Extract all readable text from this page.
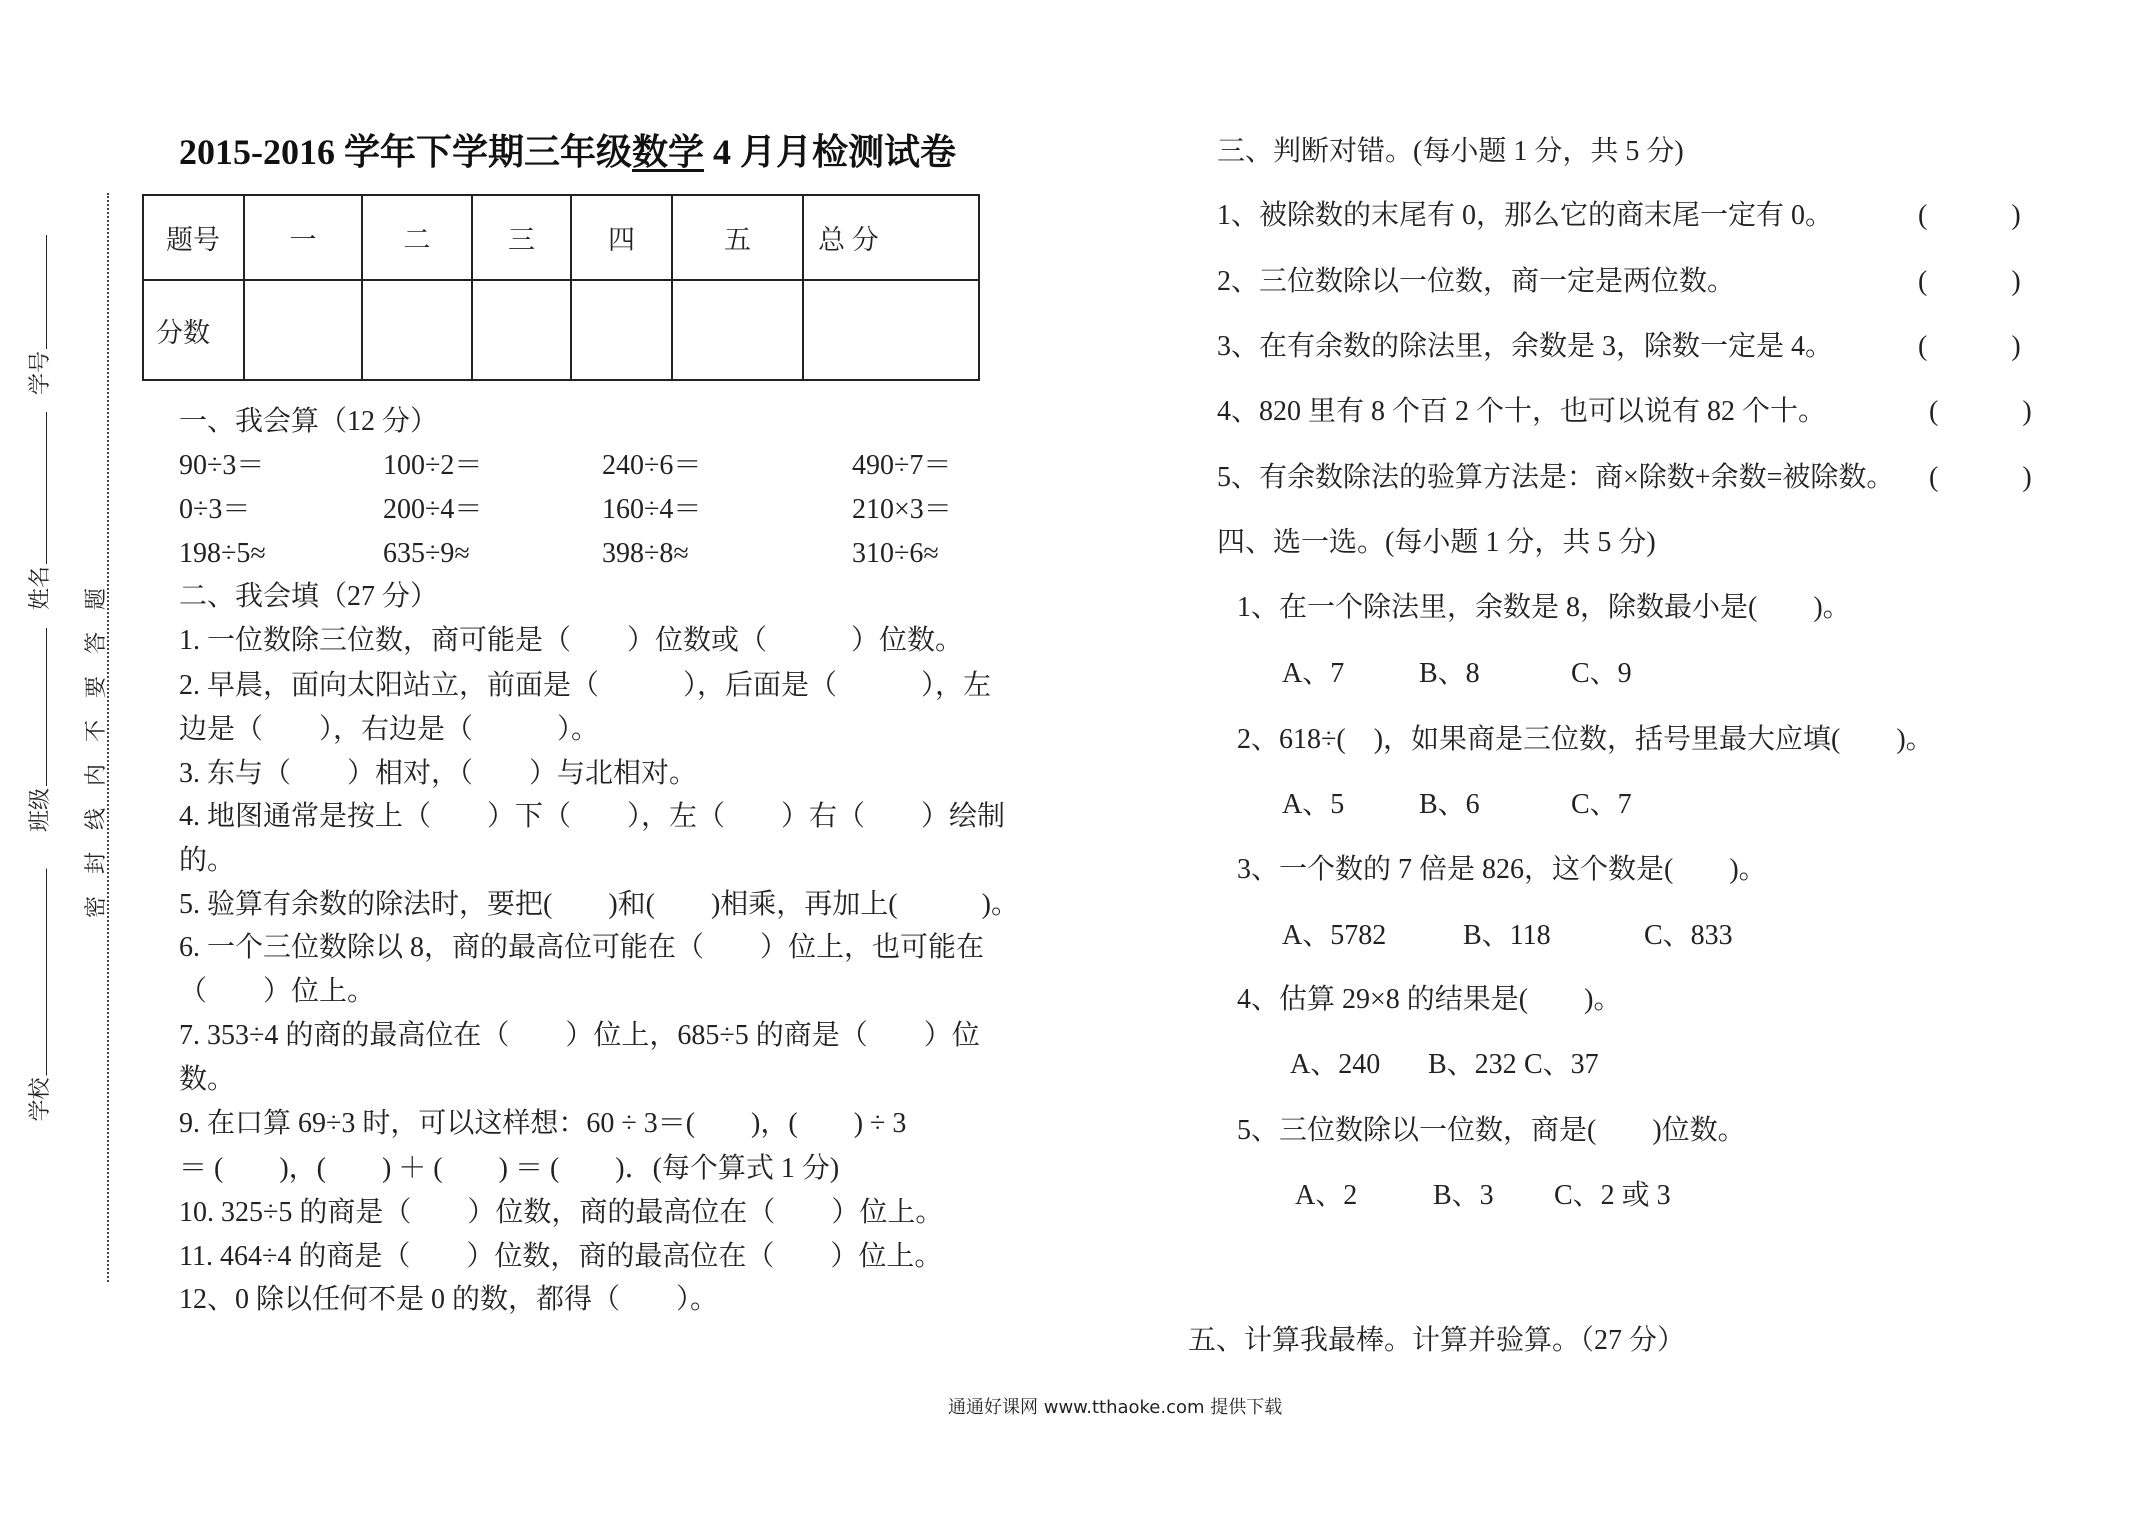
学号
姓名
班级
学校
密封线内不要答题
2015-2016 学年下学期三年级数学 4 月月检测试卷
题号	一	二	三	四	五	总 分
分数						
一、我会算（12 分）
90÷3＝	100÷2＝	240÷6＝	490÷7＝
0÷3＝	200÷4＝	160÷4＝	210×3＝
198÷5≈	635÷9≈	398÷8≈	310÷6≈
二、我会填（27 分）
1. 一位数除三位数，商可能是（　　）位数或（　　　）位数。
2. 早晨，面向太阳站立，前面是（　　　），后面是（　　　），左
边是（　　），右边是（　　　）。
3. 东与（　　）相对，（　　）与北相对。
4. 地图通常是按上（　　）下（　　），左（　　）右（　　）绘制
的。
5. 验算有余数的除法时，要把(　　)和(　　)相乘，再加上(　　　)。
6. 一个三位数除以 8，商的最高位可能在（　　）位上，也可能在
（　　）位上。
7. 353÷4 的商的最高位在（　　）位上，685÷5 的商是（　　）位
数。
9. 在口算 69÷3 时，可以这样想：60 ÷ 3＝(　　)，(　　) ÷ 3
＝ (　　)，(　　) ＋ (　　) ＝ (　　)．(每个算式 1 分)
10. 325÷5 的商是（　　）位数，商的最高位在（　　）位上。
11. 464÷4 的商是（　　）位数，商的最高位在（　　）位上。
12、0 除以任何不是 0 的数，都得（　　）。
三、判断对错。(每小题 1 分，共 5 分)
1、被除数的末尾有 0，那么它的商末尾一定有 0。	(　　　)
2、三位数除以一位数，商一定是两位数。	(　　　)
3、在有余数的除法里，余数是 3，除数一定是 4。	(　　　)
4、820 里有 8 个百 2 个十，也可以说有 82 个十。	(　　　)
5、有余数除法的验算方法是：商×除数+余数=被除数。 (　　　)
四、选一选。(每小题 1 分，共 5 分)
1、在一个除法里，余数是 8，除数最小是(　　)。
A、7	B、8	C、9
2、618÷(　)，如果商是三位数，括号里最大应填(　　)。
A、5	B、6	C、7
3、一个数的 7 倍是 826，这个数是(　　)。
A、5782	B、118	C、833
4、估算 29×8 的结果是(　　)。
A、240 B、232 C、37
5、三位数除以一位数，商是(　　)位数。
A、2	B、3 C、2 或 3
五、计算我最棒。计算并验算。（27 分）
通通好课网 www.tthaoke.com 提供下载
